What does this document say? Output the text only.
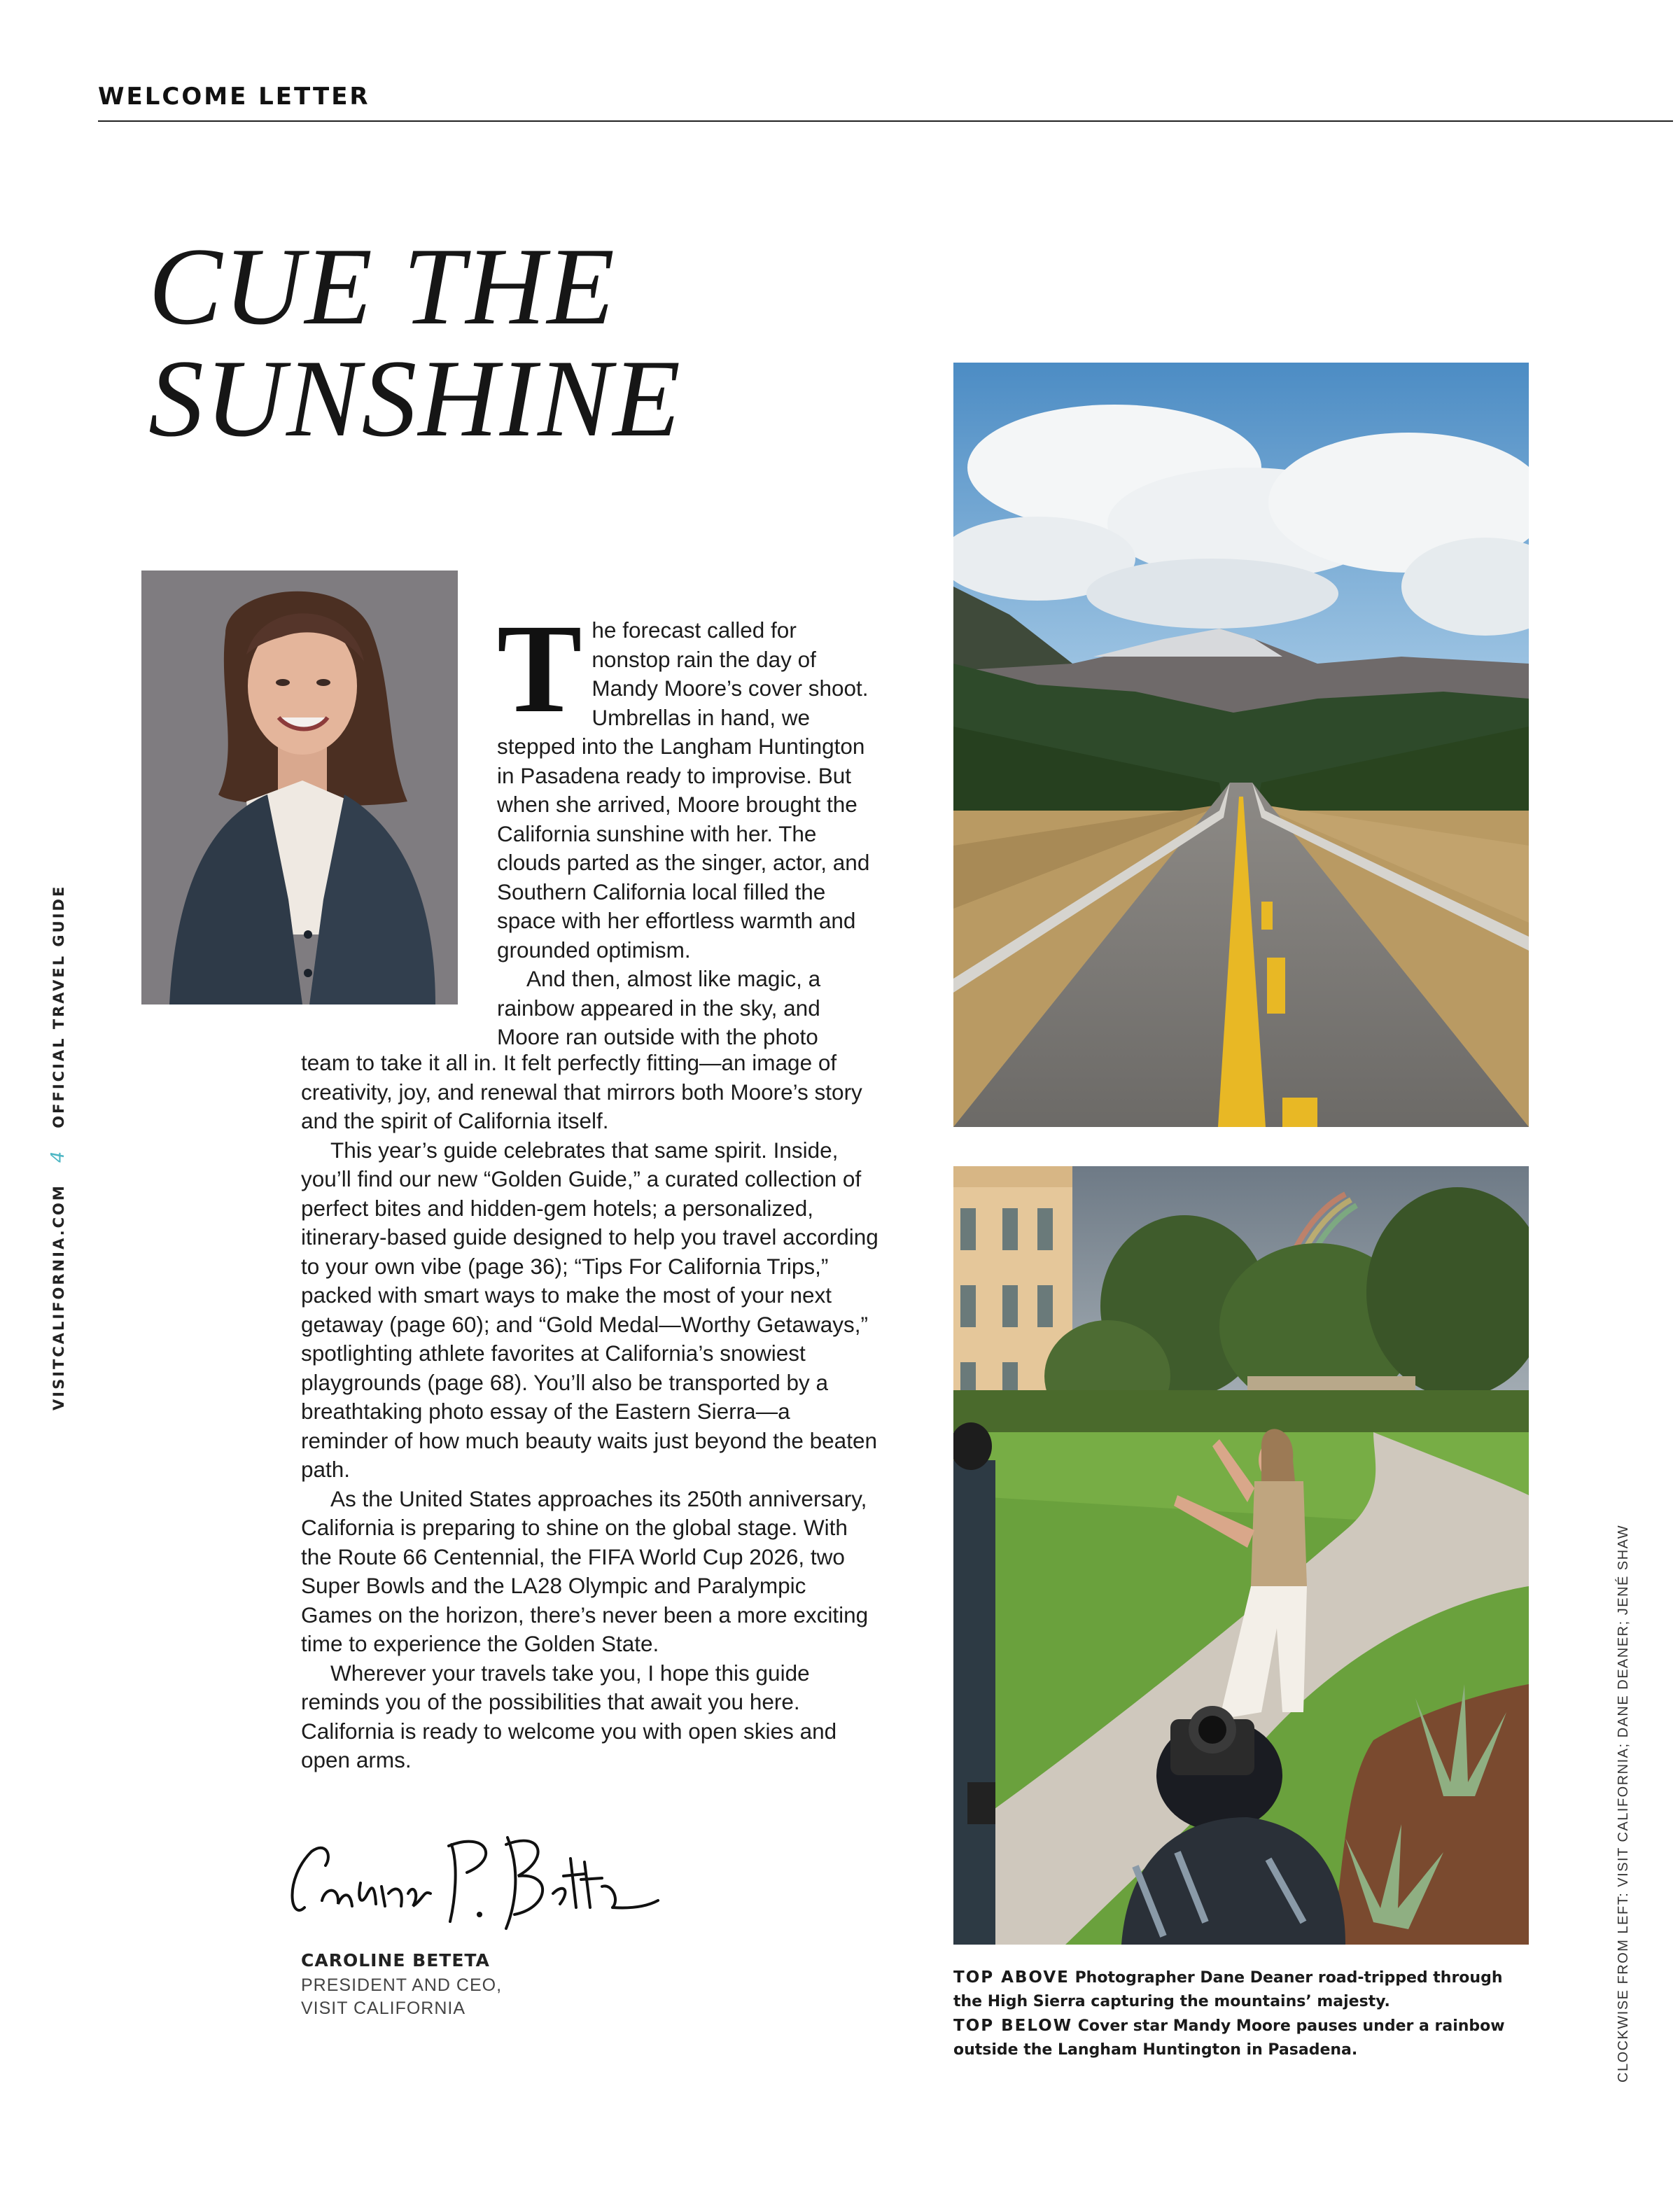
WELCOME LETTER
CUE THE
SUNSHINE
VISITCALIFORNIA.COM4OFFICIAL TRAVEL GUIDE
CLOCKWISE FROM LEFT: VISIT CALIFORNIA; DANE DEANER; JENÉ SHAW

The forecast called for nonstop rain the day of Mandy Moore’s cover shoot. Umbrellas in hand, we stepped into the Langham Huntington in Pasadena ready to improvise. But when she arrived, Moore brought the California sunshine with her. The clouds parted as the singer, actor, and Southern California local filled the space with her effortless warmth and grounded optimism.

And then, almost like magic, a rainbow appeared in the sky, and Moore ran outside with the photo

team to take it all in. It felt perfectly fitting—an image of creativity, joy, and renewal that mirrors both Moore’s story and the spirit of California itself.

This year’s guide celebrates that same spirit. Inside, you’ll find our new “Golden Guide,” a curated collection of perfect bites and hidden-gem hotels; a personalized, itinerary-based guide designed to help you travel according to your own vibe (page 36); “Tips For California Trips,” packed with smart ways to make the most of your next getaway (page 60); and “Gold Medal—Worthy Getaways,” spotlighting athlete favorites at California’s snowiest playgrounds (page 68). You’ll also be transported by a breathtaking photo essay of the Eastern Sierra—a reminder of how much beauty waits just beyond the beaten path.

As the United States approaches its 250th anniversary, California is preparing to shine on the global stage. With the Route 66 Centennial, the FIFA World Cup 2026, two Super Bowls and the LA28 Olympic and Paralympic Games on the horizon, there’s never been a more exciting time to experience the Golden State.

Wherever your travels take you, I hope this guide reminds you of the possibilities that await you here. California is ready to welcome you with open skies and open arms.

CAROLINE BETETA
PRESIDENT AND CEO,
VISIT CALIFORNIA
TOP ABOVE Photographer Dane Deaner road-tripped through the High Sierra capturing the mountains’ majesty.
TOP BELOW Cover star Mandy Moore pauses under a rainbow outside the Langham Huntington in Pasadena.
